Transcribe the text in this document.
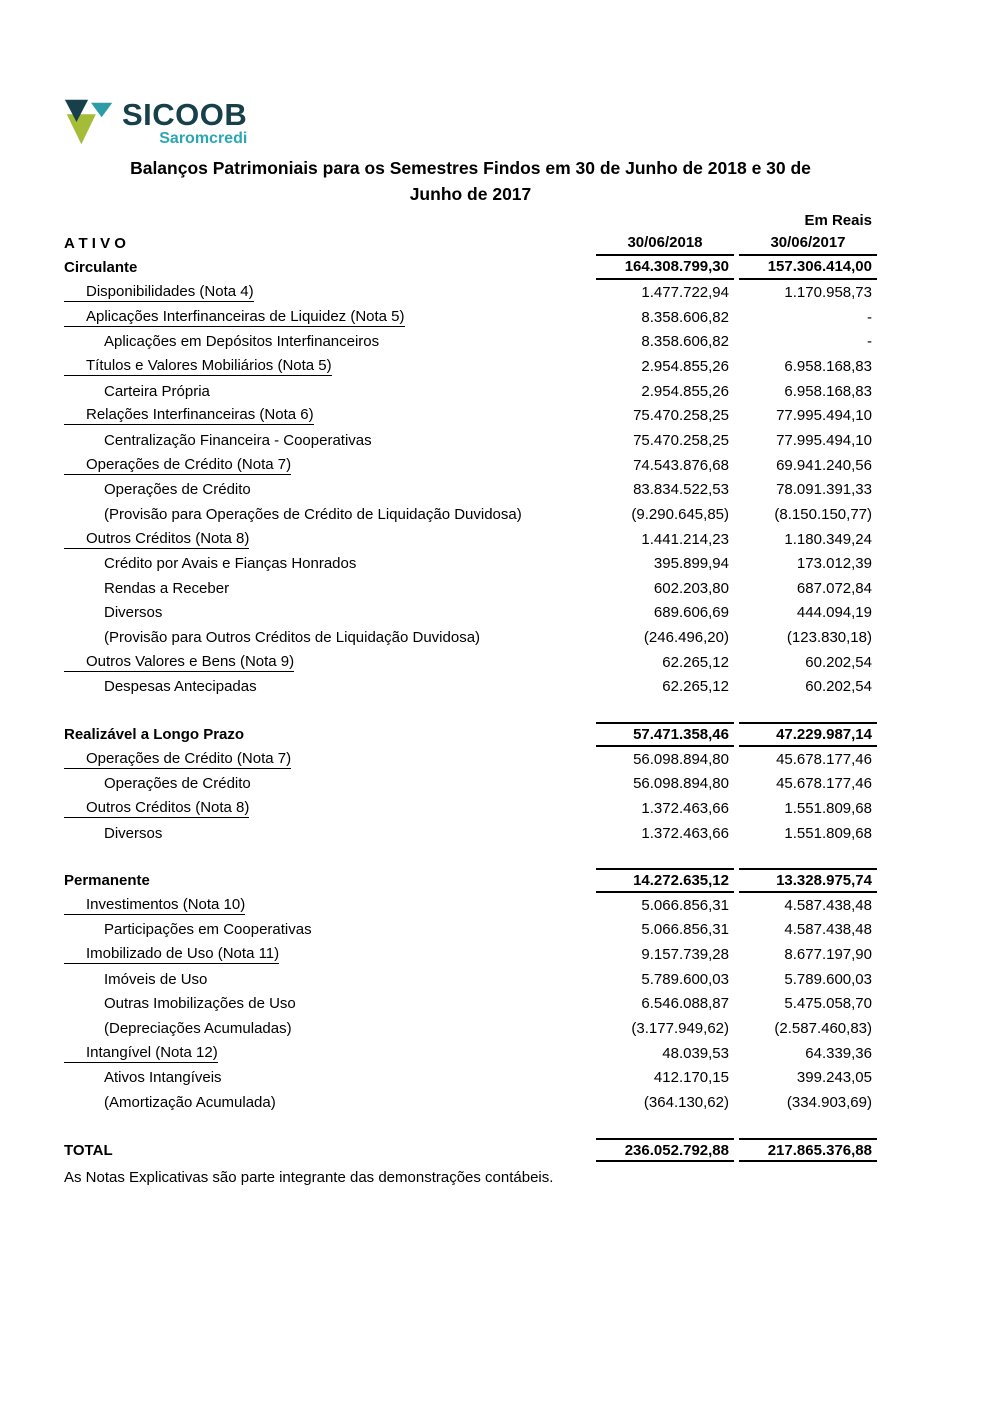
SICOOB
Saromcredi
Balanços Patrimoniais para os Semestres Findos em 30 de Junho de 2018 e 30 de
Junho de 2017
Em Reais
A T I V O	30/06/2018	30/06/2017
Circulante	164.308.799,30	157.306.414,00
Disponibilidades (Nota 4)	1.477.722,94	1.170.958,73
Aplicações Interfinanceiras de Liquidez (Nota 5)	8.358.606,82	-
Aplicações em Depósitos Interfinanceiros	8.358.606,82	-
Títulos e Valores Mobiliários (Nota 5)	2.954.855,26	6.958.168,83
Carteira Própria	2.954.855,26	6.958.168,83
Relações Interfinanceiras (Nota 6)	75.470.258,25	77.995.494,10
Centralização Financeira - Cooperativas	75.470.258,25	77.995.494,10
Operações de Crédito (Nota 7)	74.543.876,68	69.941.240,56
Operações de Crédito	83.834.522,53	78.091.391,33
(Provisão para Operações de Crédito de Liquidação Duvidosa)	(9.290.645,85)	(8.150.150,77)
Outros Créditos (Nota 8)	1.441.214,23	1.180.349,24
Crédito por Avais e Fianças Honrados	395.899,94	173.012,39
Rendas a Receber	602.203,80	687.072,84
Diversos	689.606,69	444.094,19
(Provisão para Outros Créditos de Liquidação Duvidosa)	(246.496,20)	(123.830,18)
Outros Valores e Bens (Nota 9)	62.265,12	60.202,54
Despesas Antecipadas	62.265,12	60.202,54
Realizável a Longo Prazo	57.471.358,46	47.229.987,14
Operações de Crédito (Nota 7)	56.098.894,80	45.678.177,46
Operações de Crédito	56.098.894,80	45.678.177,46
Outros Créditos (Nota 8)	1.372.463,66	1.551.809,68
Diversos	1.372.463,66	1.551.809,68
Permanente	14.272.635,12	13.328.975,74
Investimentos (Nota 10)	5.066.856,31	4.587.438,48
Participações em Cooperativas	5.066.856,31	4.587.438,48
Imobilizado de Uso (Nota 11)	9.157.739,28	8.677.197,90
Imóveis de Uso	5.789.600,03	5.789.600,03
Outras Imobilizações de Uso	6.546.088,87	5.475.058,70
(Depreciações Acumuladas)	(3.177.949,62)	(2.587.460,83)
Intangível (Nota 12)	48.039,53	64.339,36
Ativos Intangíveis	412.170,15	399.243,05
(Amortização Acumulada)	(364.130,62)	(334.903,69)
TOTAL	236.052.792,88	217.865.376,88
As Notas Explicativas são parte integrante das demonstrações contábeis.
